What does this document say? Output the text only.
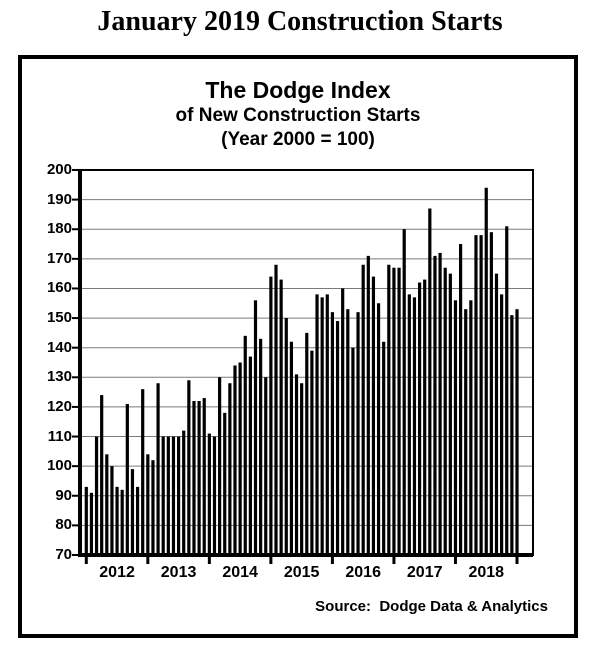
January 2019 Construction Starts
The Dodge Index
of New Construction Starts
(Year 2000 = 100)
200
190
180
170
160
150
140
130
120
110
100
90
80
70
2012	2013	2014	2015	2016	2017	2018
Source:  Dodge Data & Analytics
